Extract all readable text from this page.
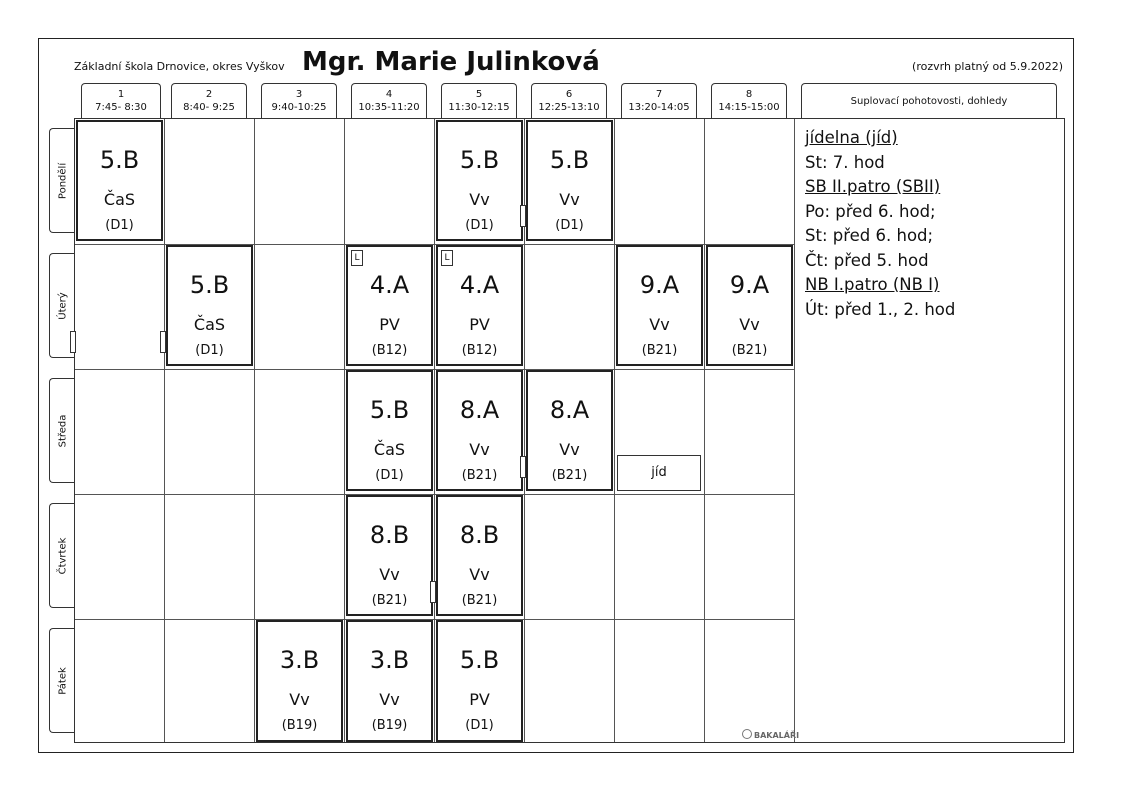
Základní škola Drnovice, okres Vyškov Mgr. Marie Julinková	(rozvrh platný od 5.9.2022)
1
7:45- 8:30
2
8:40- 9:25
3
9:40-10:25
4
10:35-11:20
5
11:30-12:15
6
12:25-13:10
7
13:20-14:05
8
14:15-15:00
Suplovací pohotovosti, dohledy
Pondělí
Úterý
Středa
Čtvrtek
Pátek
5.B
ČaS
(D1)
5.B
Vv
(D1)
5.B
Vv
(D1)
5.B
ČaS
(D1)
L
4.A
PV
(B12)
L
4.A
PV
(B12)
9.A
Vv
(B21)
9.A
Vv
(B21)
5.B
ČaS
(D1)
8.A
Vv
(B21)
8.A
Vv
(B21)	jíd
8.B
Vv
(B21)
8.B
Vv
(B21)
3.B
Vv
(B19)
3.B
Vv
(B19)
5.B
PV
(D1)
jídelna (jíd)
St: 7. hod
SB II.patro (SBII)
Po: před 6. hod;
St: před 6. hod;
Čt: před 5. hod
NB I.patro (NB I)
Út: před 1., 2. hod
BAKALÁŘI
